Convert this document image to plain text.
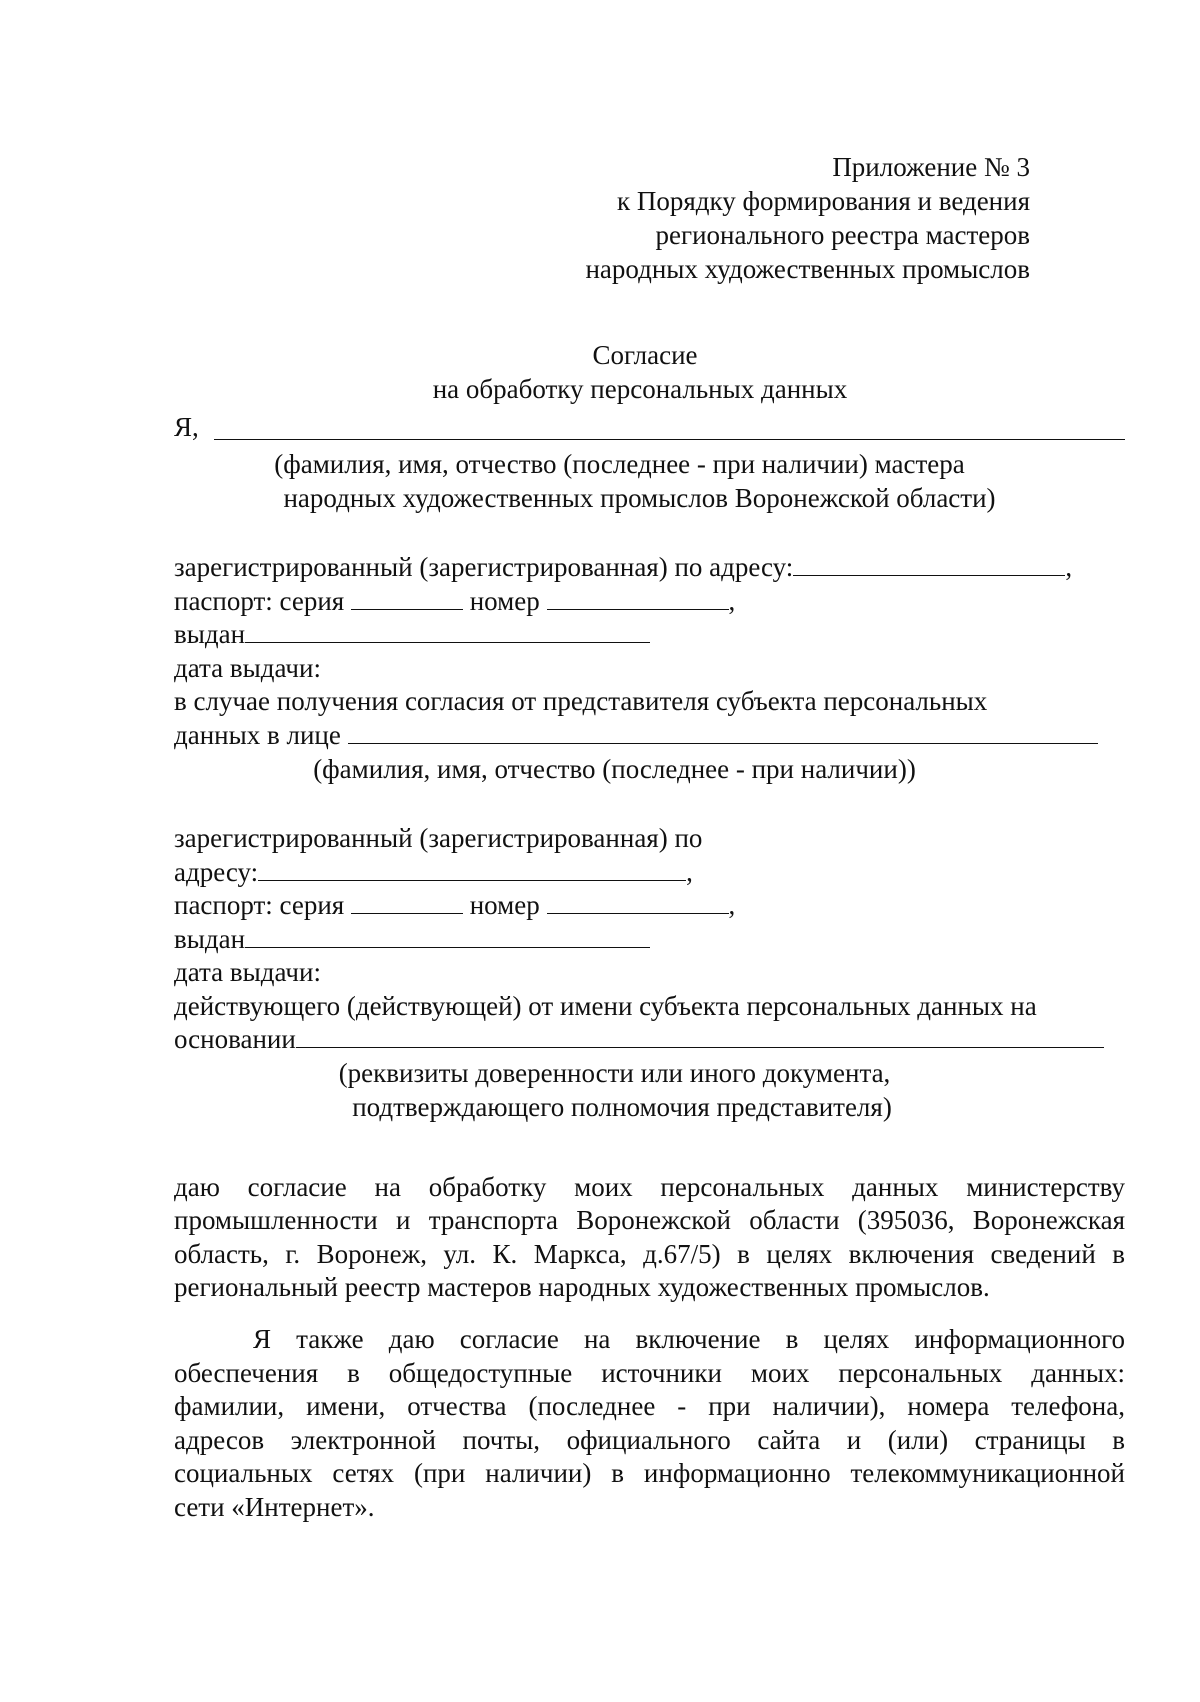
Приложение № 3
к Порядку формирования и ведения
регионального реестра мастеров
народных художественных промыслов
Согласие
на обработку персональных данных
Я,
(фамилия, имя, отчество (последнее - при наличии) мастера
народных художественных промыслов Воронежской области)
зарегистрированный (зарегистрированная) по адресу:	,
паспорт: серия	номер	,
выдан
дата выдачи:
в случае получения согласия от представителя субъекта персональных
данных в лице
(фамилия, имя, отчество (последнее - при наличии))
зарегистрированный (зарегистрированная) по
адресу:	,
паспорт: серия	номер	,
выдан
дата выдачи:
действующего (действующей) от имени субъекта персональных данных на
основании
(реквизиты доверенности или иного документа,
подтверждающего полномочия представителя)
даю согласие на обработку моих персональных данных министерству
промышленности и транспорта Воронежской области (395036, Воронежская
область, г. Воронеж, ул. К. Маркса, д.67/5) в целях включения сведений в
региональный реестр мастеров народных художественных промыслов.
Я также даю согласие на включение в целях информационного
обеспечения в общедоступные источники моих персональных данных:
фамилии, имени, отчества (последнее - при наличии), номера телефона,
адресов электронной почты, официального сайта и (или) страницы в
социальных сетях (при наличии) в информационно телекоммуникационной
сети «Интернет».
